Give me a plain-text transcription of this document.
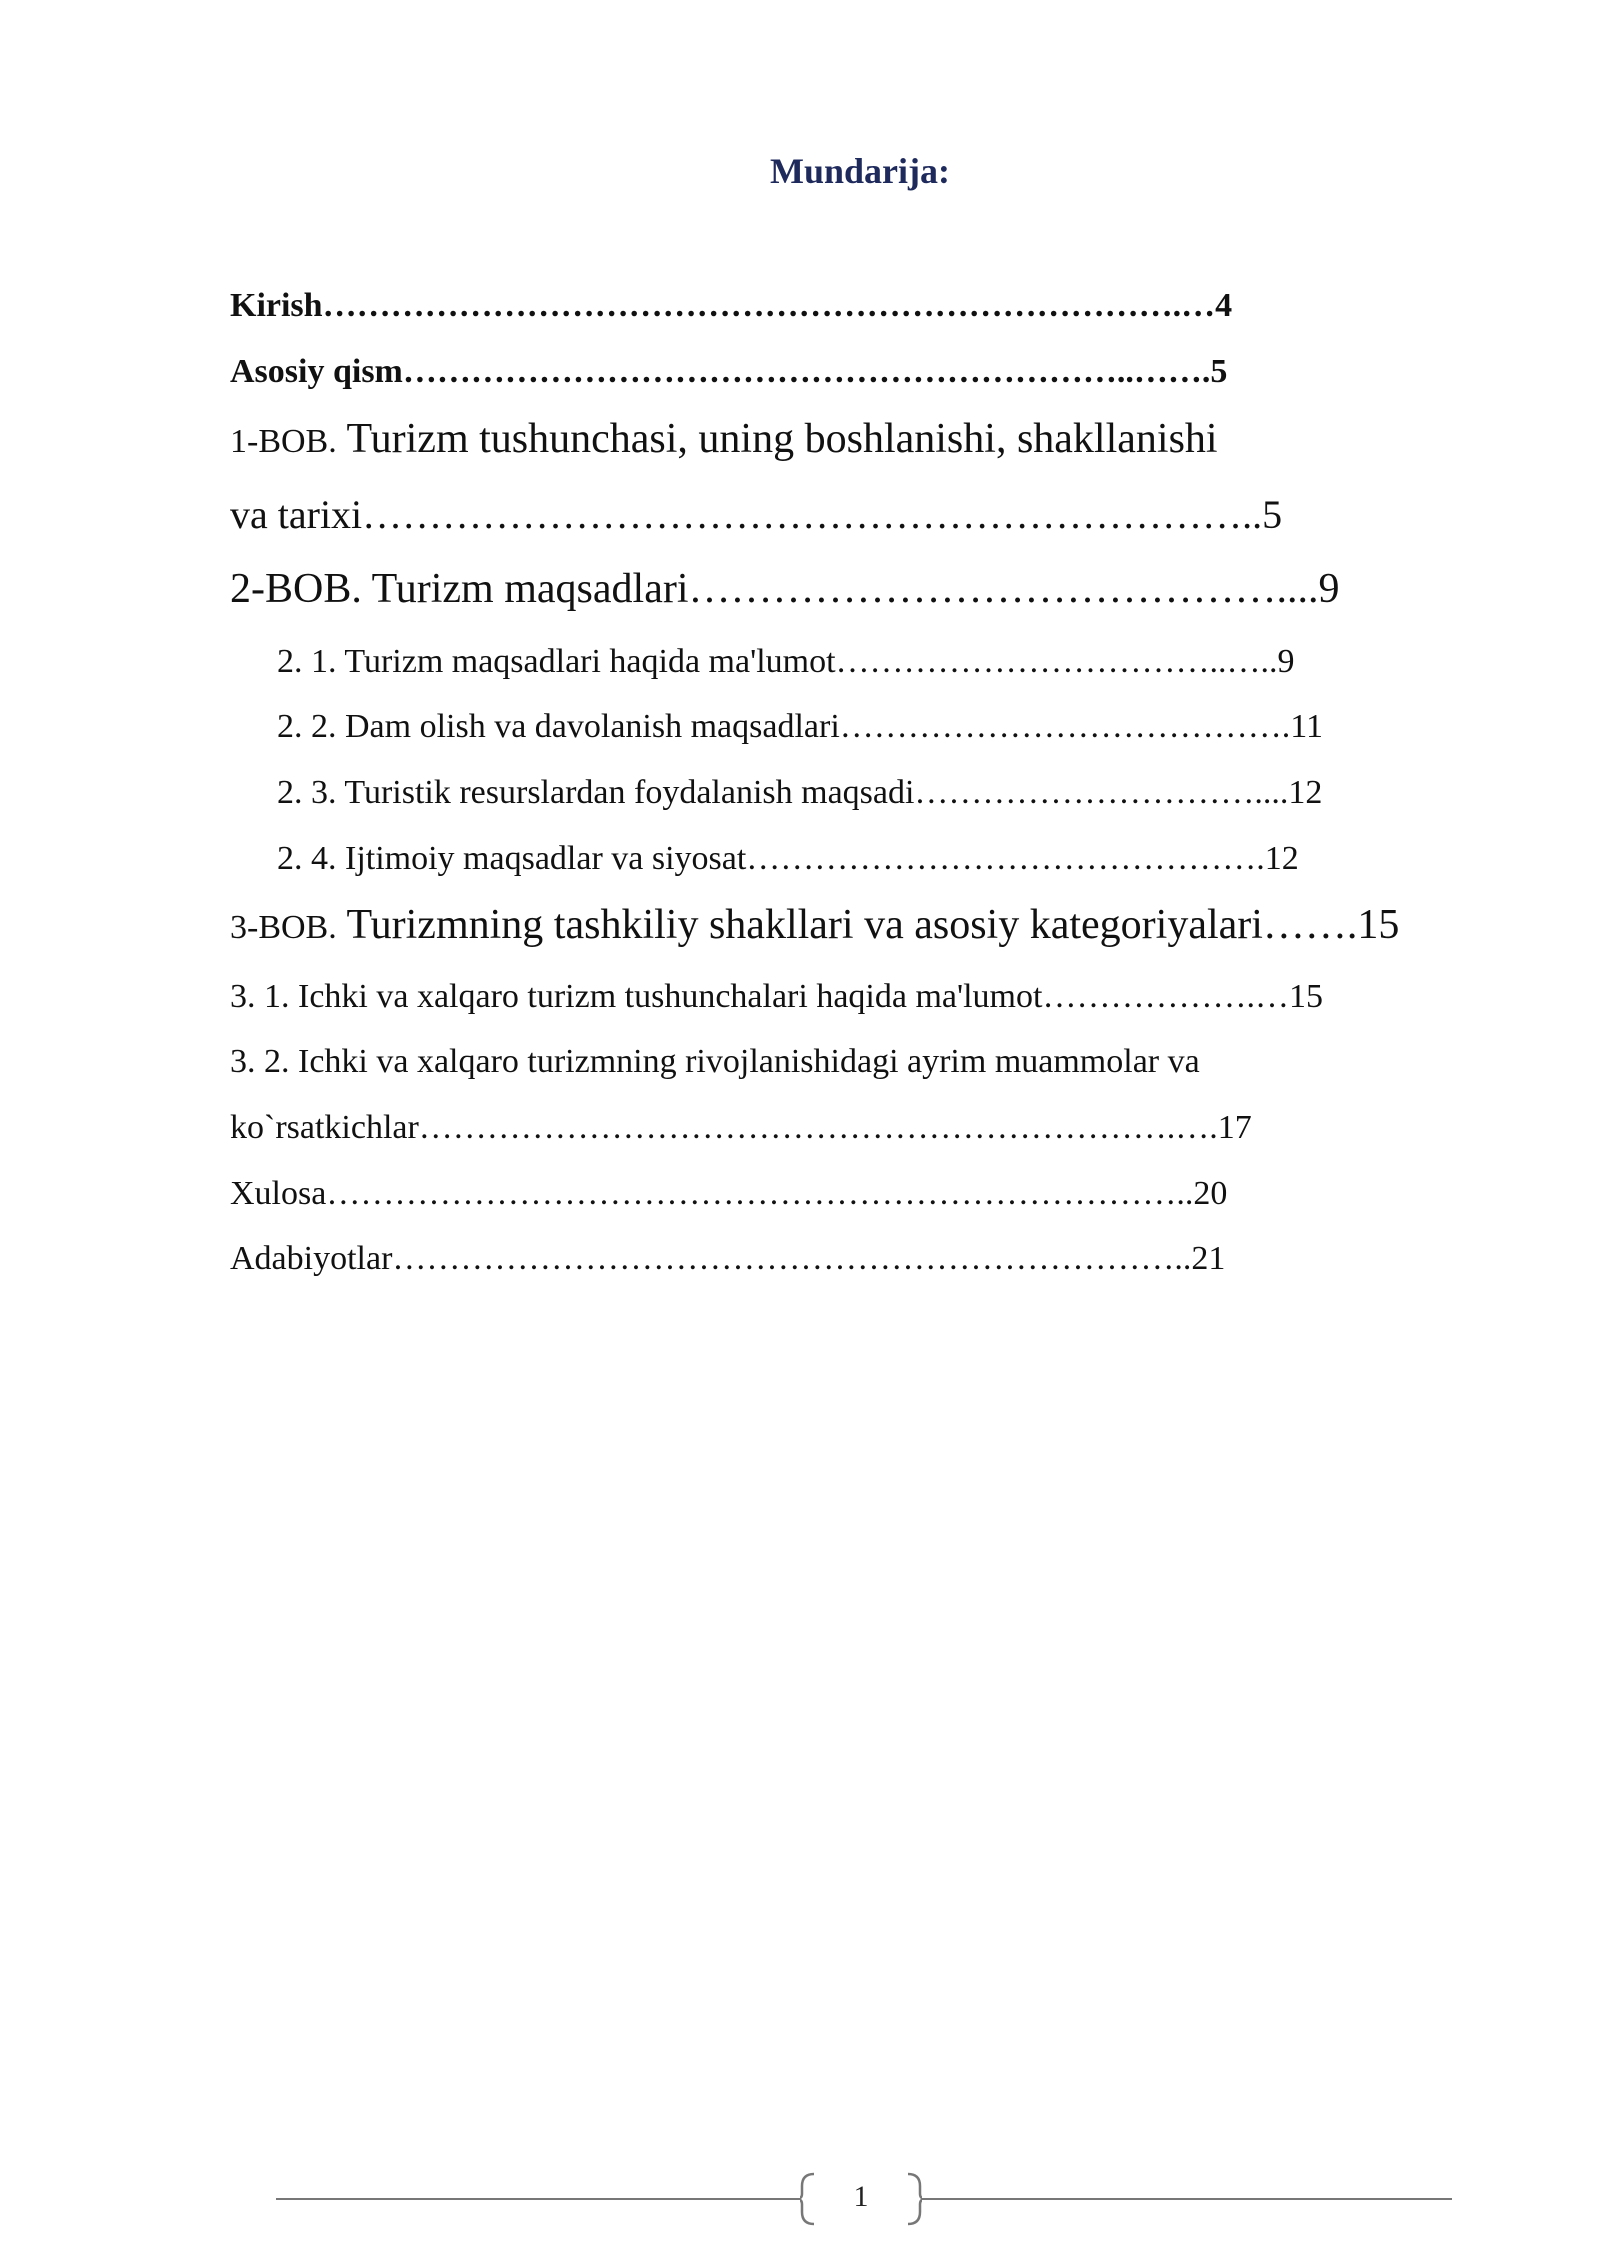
Mundarija:
Kirish………………………………………………………………….…4
Asosiy qism………………………………………………………..…….5
1-BOB. Turizm tushunchasi, uning boshlanishi, shakllanishi
va tarixi…………………………………………………………..5
2-BOB. Turizm maqsadlari……………………………………....9
2. 1. Turizm maqsadlari haqida ma'lumot……………………………..…..9
2. 2. Dam olish va davolanish maqsadlari………………………………….11
2. 3. Turistik resurslardan foydalanish maqsadi…………………………....12
2. 4. Ijtimoiy maqsadlar va siyosat……………………………………….12
3-BOB. Turizmning tashkiliy shakllari va asosiy kategoriyalari…….15
3. 1. Ichki va xalqaro turizm tushunchalari haqida ma'lumot……………….…15
3. 2. Ichki va xalqaro turizmning rivojlanishidagi ayrim muammolar va
ko`rsatkichlar………………………………………………………….….17
Xulosa…………………………………………………………………..20
Adabiyotlar……………………………………………………………..21
1
